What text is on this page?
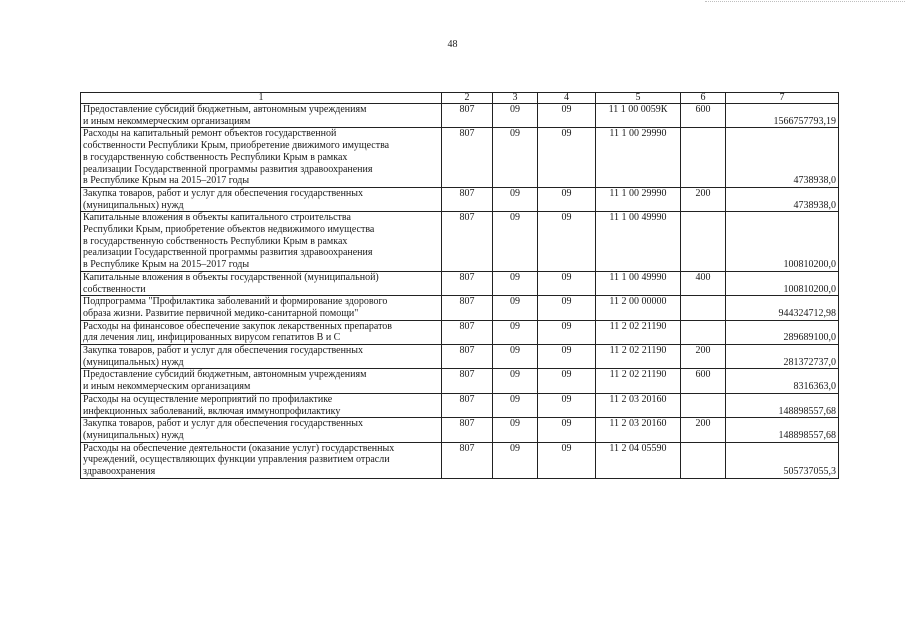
48
1	2	3	4	5	6	7

Предоставление субсидий бюджетным, автономным учреждениям
и иным некоммерческим организациям	807	09	09	11 1 00 0059К	600	1566757793,19

Расходы на капитальный ремонт объектов государственной
собственности Республики Крым, приобретение движимого имущества
в государственную собственность Республики Крым в рамках
реализации Государственной программы развития здравоохранения
в Республике Крым на 2015–2017 годы	807	09	09	11 1 00 29990		4738938,0

Закупка товаров, работ и услуг для обеспечения государственных
(муниципальных) нужд	807	09	09	11 1 00 29990	200	4738938,0

Капитальные вложения в объекты капитального строительства
Республики Крым, приобретение объектов недвижимого имущества
в государственную собственность Республики Крым в рамках
реализации Государственной программы развития здравоохранения
в Республике Крым на 2015–2017 годы	807	09	09	11 1 00 49990		100810200,0

Капитальные вложения в объекты государственной (муниципальной)
собственности	807	09	09	11 1 00 49990	400	100810200,0

Подпрограмма "Профилактика заболеваний и формирование здорового
образа жизни. Развитие первичной медико-санитарной помощи"	807	09	09	11 2 00 00000		944324712,98

Расходы на финансовое обеспечение закупок лекарственных препаратов
для лечения лиц, инфицированных вирусом гепатитов В и С	807	09	09	11 2 02 21190		289689100,0

Закупка товаров, работ и услуг для обеспечения государственных
(муниципальных) нужд	807	09	09	11 2 02 21190	200	281372737,0

Предоставление субсидий бюджетным, автономным учреждениям
и иным некоммерческим организациям	807	09	09	11 2 02 21190	600	8316363,0

Расходы на осуществление мероприятий по профилактике
инфекционных заболеваний, включая иммунопрофилактику	807	09	09	11 2 03 20160		148898557,68

Закупка товаров, работ и услуг для обеспечения государственных
(муниципальных) нужд	807	09	09	11 2 03 20160	200	148898557,68

Расходы на обеспечение деятельности (оказание услуг) государственных
учреждений, осуществляющих функции управления развитием отрасли
здравоохранения	807	09	09	11 2 04 05590		505737055,3
